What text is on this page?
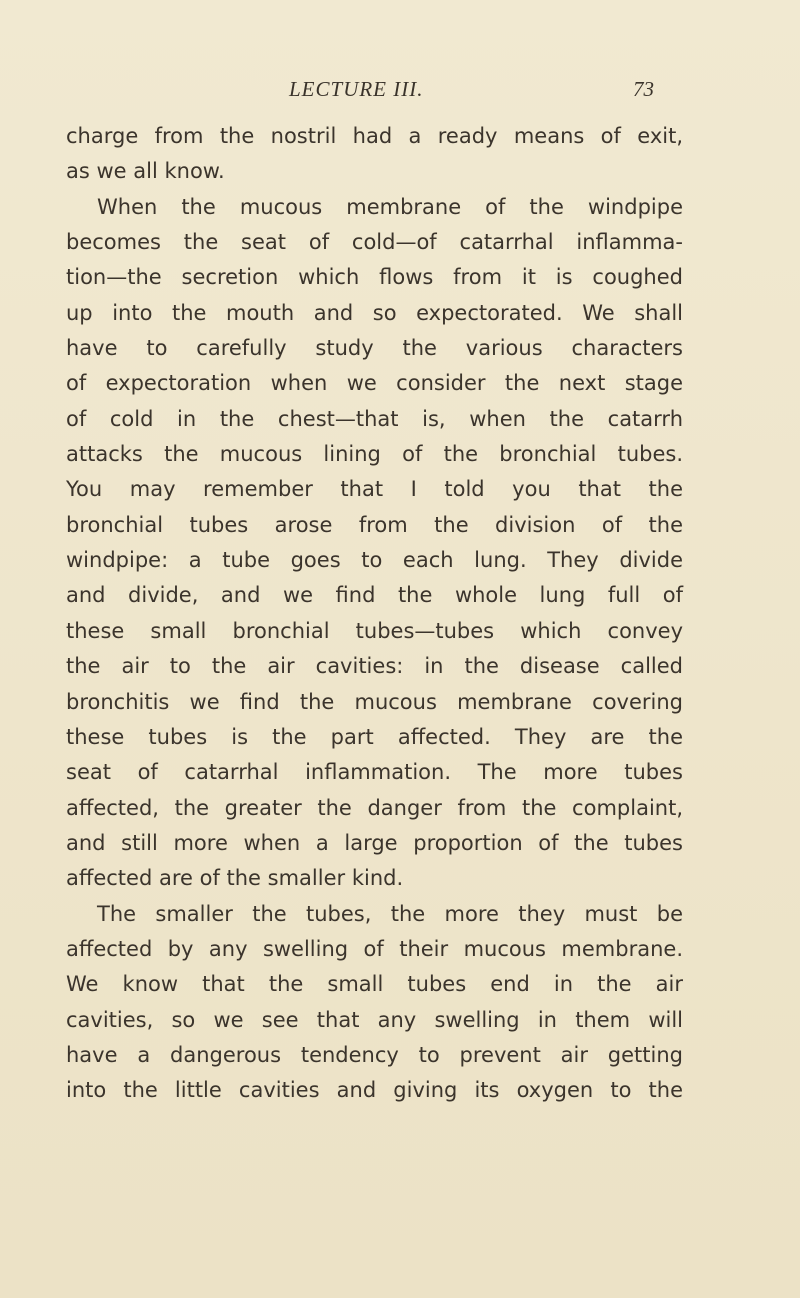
LECTURE III.	73
charge from the nostril had a ready means of exit,
as we all know.
When the mucous membrane of the windpipe
becomes the seat of cold—of catarrhal inflamma-
tion—the secretion which flows from it is coughed
up into the mouth and so expectorated. We shall
have to carefully study the various characters
of expectoration when we consider the next stage
of cold in the chest—that is, when the catarrh
attacks the mucous lining of the bronchial tubes.
You may remember that I told you that the
bronchial tubes arose from the division of the
windpipe: a tube goes to each lung. They divide
and divide, and we find the whole lung full of
these small bronchial tubes—tubes which convey
the air to the air cavities: in the disease called
bronchitis we find the mucous membrane covering
these tubes is the part affected. They are the
seat of catarrhal inflammation. The more tubes
affected, the greater the danger from the complaint,
and still more when a large proportion of the tubes
affected are of the smaller kind.
The smaller the tubes, the more they must be
affected by any swelling of their mucous membrane.
We know that the small tubes end in the air
cavities, so we see that any swelling in them will
have a dangerous tendency to prevent air getting
into the little cavities and giving its oxygen to the
